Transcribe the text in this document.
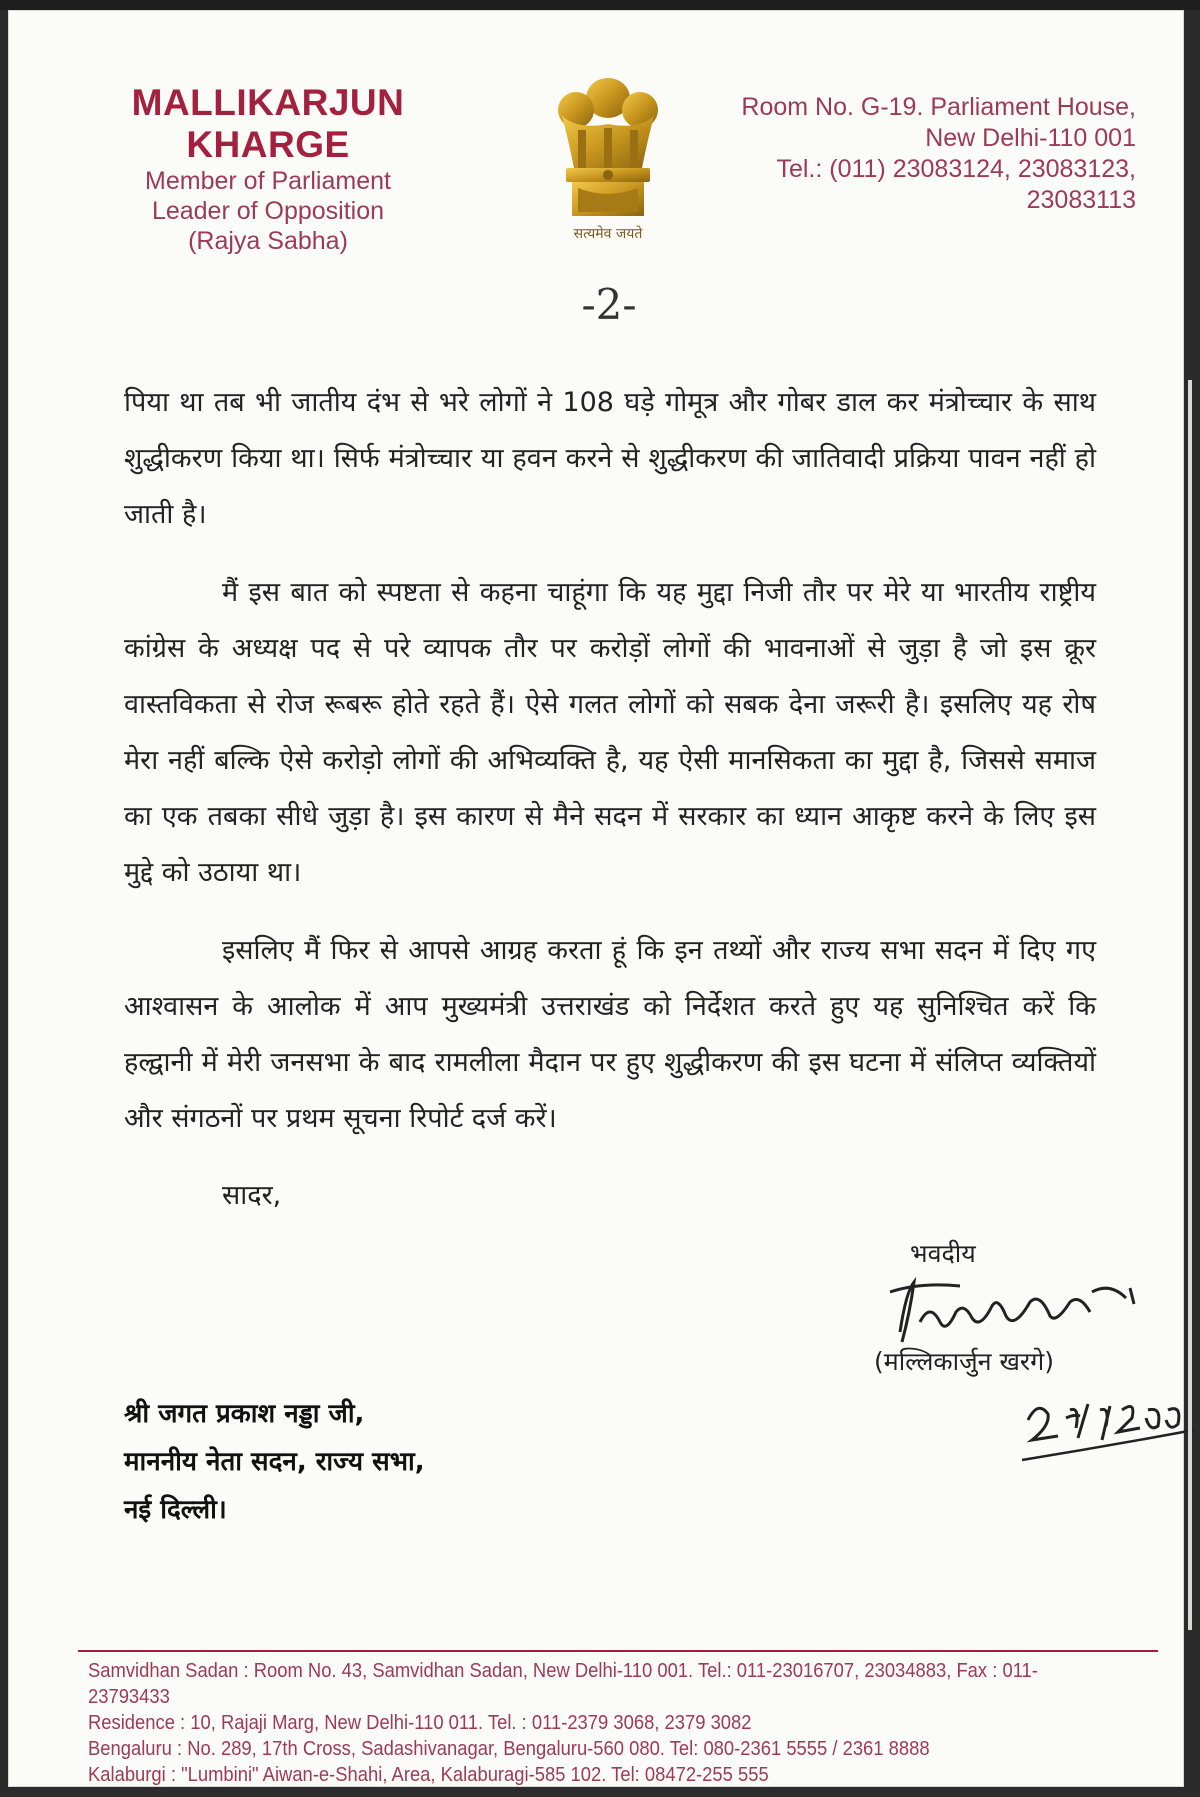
MALLIKARJUN KHARGE
Member of Parliament
Leader of Opposition
(Rajya Sabha)	सत्यमेव जयते
Room No. G-19. Parliament House,
New Delhi-110 001
Tel.: (011) 23083124, 23083123,
23083113
-2-

पिया था तब भी जातीय दंभ से भरे लोगों ने 108 घड़े गोमूत्र और गोबर डाल कर मंत्रोच्चार के साथ शुद्धीकरण किया था। सिर्फ मंत्रोच्चार या हवन करने से शुद्धीकरण की जातिवादी प्रक्रिया पावन नहीं हो जाती है।

मैं इस बात को स्पष्टता से कहना चाहूंगा कि यह मुद्दा निजी तौर पर मेरे या भारतीय राष्ट्रीय कांग्रेस के अध्यक्ष पद से परे व्यापक तौर पर करोड़ों लोगों की भावनाओं से जुड़ा है जो इस क्रूर वास्तविकता से रोज रूबरू होते रहते हैं। ऐसे गलत लोगों को सबक देना जरूरी है। इसलिए यह रोष मेरा नहीं बल्कि ऐसे करोड़ो लोगों की अभिव्यक्ति है, यह ऐसी मानसिकता का मुद्दा है, जिससे समाज का एक तबका सीधे जुड़ा है। इस कारण से मैने सदन में सरकार का ध्यान आकृष्ट करने के लिए इस मुद्दे को उठाया था।

इसलिए मैं फिर से आपसे आग्रह करता हूं कि इन तथ्यों और राज्य सभा सदन में दिए गए आश्वासन के आलोक में आप मुख्यमंत्री उत्तराखंड को निर्देशत करते हुए यह सुनिश्चित करें कि हल्द्वानी में मेरी जनसभा के बाद रामलीला मैदान पर हुए शुद्धीकरण की इस घटना में संलिप्त व्यक्तियों और संगठनों पर प्रथम सूचना रिपोर्ट दर्ज करें।

सादर,
भवदीय
(मल्लिकार्जुन खरगे)
श्री जगत प्रकाश नड्डा जी,
माननीय नेता सदन, राज्य सभा,
नई दिल्ली।
Samvidhan Sadan : Room No. 43, Samvidhan Sadan, New Delhi-110 001. Tel.: 011-23016707, 23034883, Fax : 011-23793433
Residence : 10, Rajaji Marg, New Delhi-110 011. Tel. : 011-2379 3068, 2379 3082
Bengaluru : No. 289, 17th Cross, Sadashivanagar, Bengaluru-560 080. Tel: 080-2361 5555 / 2361 8888
Kalaburgi : "Lumbini" Aiwan-e-Shahi, Area, Kalaburagi-585 102. Tel: 08472-255 555
